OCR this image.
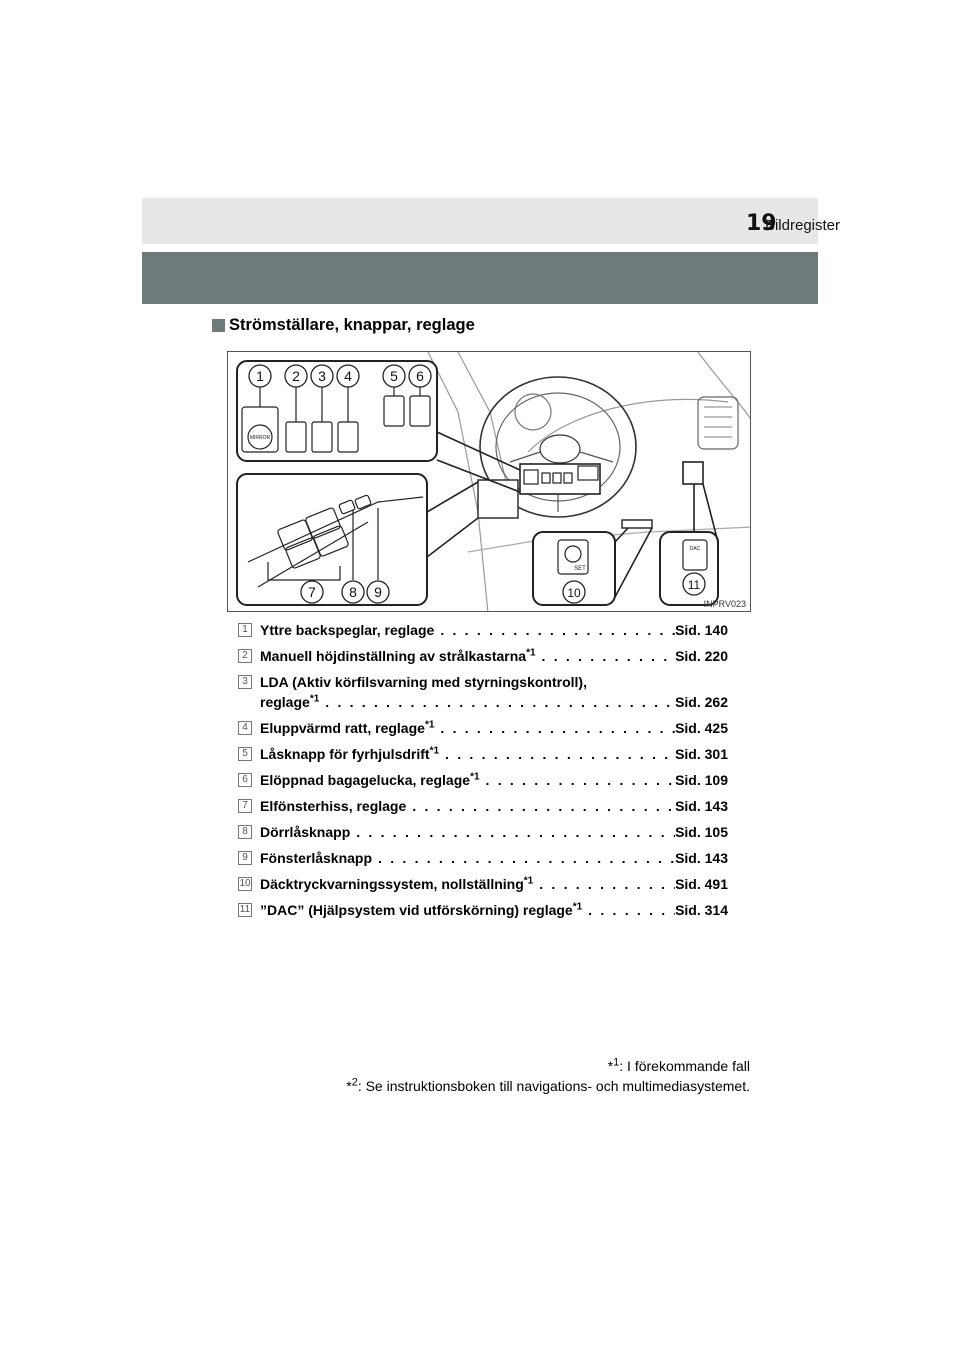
Bildregister
19
Strömställare, knappar, reglage
1 2 3 4	5 6
7 8 9	10
11
MIRROR
SET
DAC
INPRV023
1 Yttre backspeglar, reglage . . .	Sid. 140
2 Manuell höjdinställning av strålkastarna$^{*1}$ . . .	Sid. 220
3 LDA (Aktiv körfilsvarning med styrningskontroll),
reglage$^{*1}$ . . .	Sid. 262
4 Eluppvärmd ratt, reglage$^{*1}$ . . .	Sid. 425
5 Låsknapp för fyrhjulsdrift$^{*1}$ . . .	Sid. 301
6 Elöppnad bagagelucka, reglage$^{*1}$ . . .	Sid. 109
7 Elfönsterhiss, reglage . . .	Sid. 143
8 Dörrlåsknapp . . .	Sid. 105
9 Fönsterlåsknapp . . .	Sid. 143
10 Däcktryckvarningssystem, nollställning$^{*1}$ . . .	Sid. 491
11 ”DAC” (Hjälpsystem vid utförskörning) reglage$^{*1}$ . . .	Sid. 314
*$^1$: I förekommande fall
*$^2$: Se instruktionsboken till navigations- och multimediasystemet.
